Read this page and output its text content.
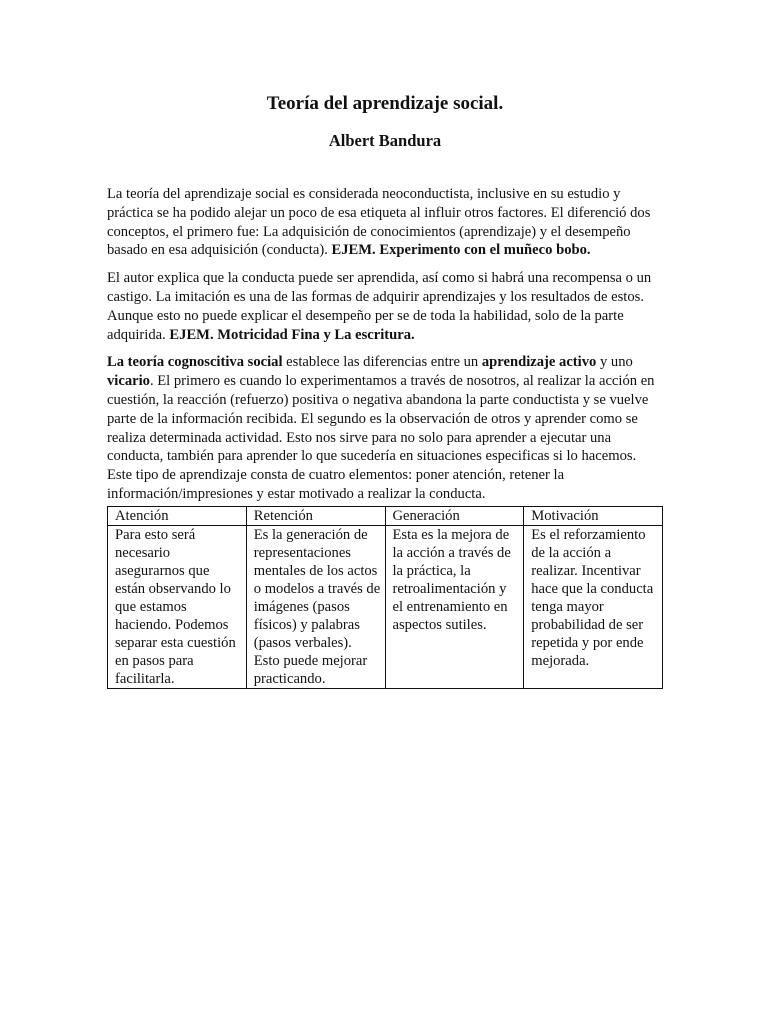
Teoría del aprendizaje social.
Albert Bandura

La teoría del aprendizaje social es considerada neoconductista, inclusive en su estudio y práctica se ha podido alejar un poco de esa etiqueta al influir otros factores. El diferenció dos conceptos, el primero fue: La adquisición de conocimientos (aprendizaje) y el desempeño basado en esa adquisición (conducta). EJEM. Experimento con el muñeco bobo.

El autor explica que la conducta puede ser aprendida, así como si habrá una recompensa o un castigo. La imitación es una de las formas de adquirir aprendizajes y los resultados de estos. Aunque esto no puede explicar el desempeño per se de toda la habilidad, solo de la parte adquirida. EJEM. Motricidad Fina y La escritura.

La teoría cognoscitiva social establece las diferencias entre un aprendizaje activo y uno vicario. El primero es cuando lo experimentamos a través de nosotros, al realizar la acción en cuestión, la reacción (refuerzo) positiva o negativa abandona la parte conductista y se vuelve parte de la información recibida. El segundo es la observación de otros y aprender como se realiza determinada actividad. Esto nos sirve para no solo para aprender a ejecutar una conducta, también para aprender lo que sucedería en situaciones especificas si lo hacemos. Este tipo de aprendizaje consta de cuatro elementos: poner atención, retener la información/impresiones y estar motivado a realizar la conducta.

Atención	Retención	Generación	Motivación
Para esto será necesario asegurarnos que están observando lo que estamos haciendo. Podemos separar esta cuestión en pasos para facilitarla.	Es la generación de representaciones mentales de los actos o modelos a través de imágenes (pasos físicos) y palabras (pasos verbales). Esto puede mejorar practicando.	Esta es la mejora de la acción a través de la práctica, la retroalimentación y el entrenamiento en aspectos sutiles.	Es el reforzamiento de la acción a realizar. Incentivar hace que la conducta tenga mayor probabilidad de ser repetida y por ende mejorada.
